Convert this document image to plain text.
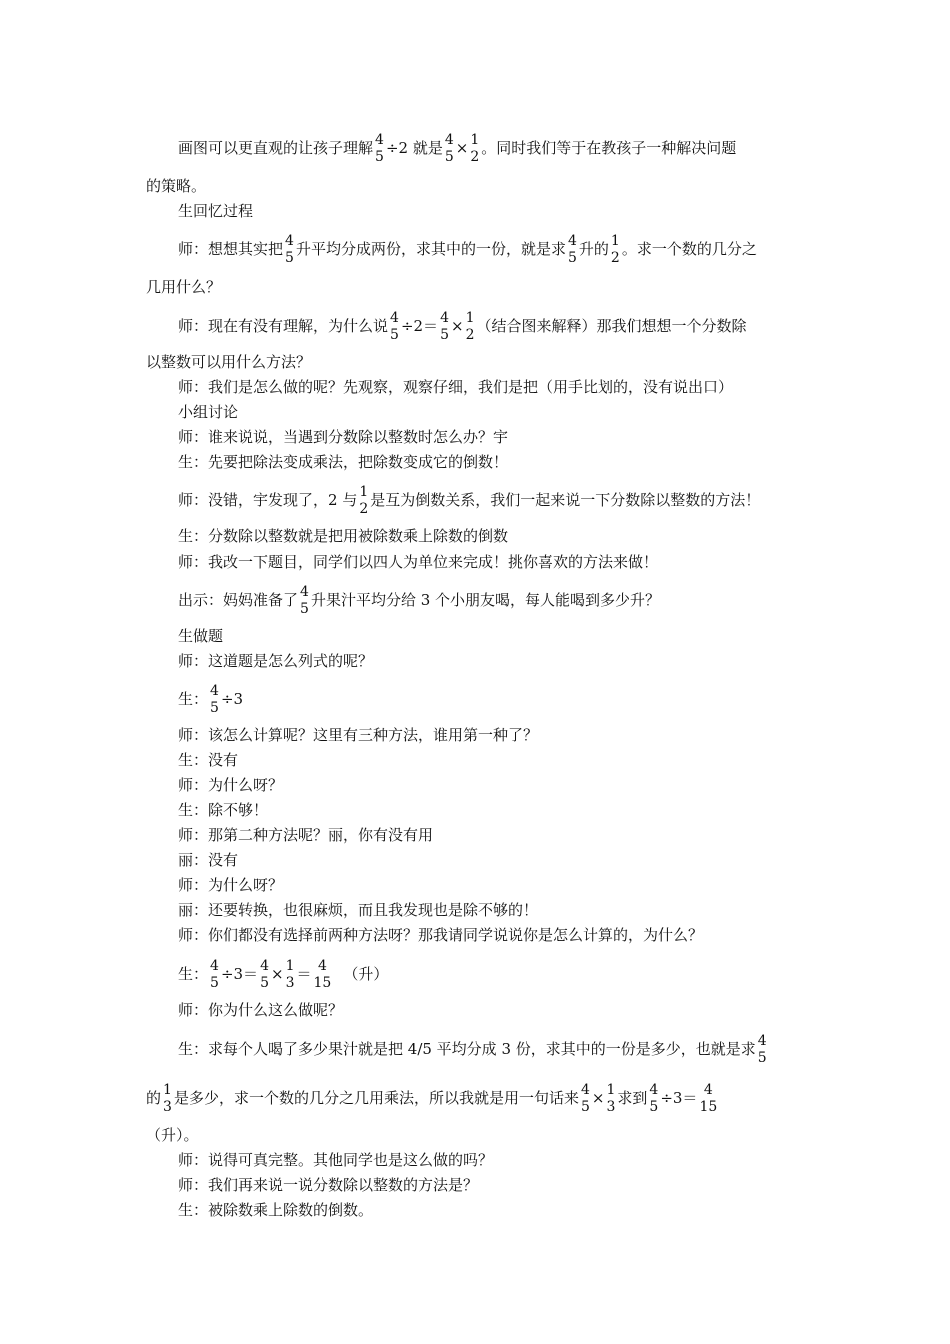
画图可以更直观的让孩子理解 4
5 ÷2 就是 4
5 × 1
2 。同时我们等于在教孩子一种解决问题
的策略。
生回忆过程
师：想想其实把 4
5 升平均分成两份，求其中的一份，就是求 4
5 升的 1
2 。求一个数的几分之
几用什么？
师：现在有没有理解，为什么说 4
5 ÷2＝ 4
5 × 1
2 （结合图来解释）那我们想想一个分数除
以整数可以用什么方法？
师：我们是怎么做的呢？先观察，观察仔细，我们是把（用手比划的，没有说出口）
小组讨论
师：谁来说说，当遇到分数除以整数时怎么办？宇
生：先要把除法变成乘法，把除数变成它的倒数！
师：没错，宇发现了，2 与 1
2 是互为倒数关系，我们一起来说一下分数除以整数的方法！
生：分数除以整数就是把用被除数乘上除数的倒数
师：我改一下题目，同学们以四人为单位来完成！挑你喜欢的方法来做！
出示：妈妈准备了 4
5 升果汁平均分给 3 个小朋友喝，每人能喝到多少升？
生做题
师：这道题是怎么列式的呢？
生： 4
5 ÷3
师：该怎么计算呢？这里有三种方法，谁用第一种了？
生：没有
师：为什么呀？
生：除不够！
师：那第二种方法呢？丽，你有没有用
丽：没有
师：为什么呀？
丽：还要转换，也很麻烦，而且我发现也是除不够的！
师：你们都没有选择前两种方法呀？那我请同学说说你是怎么计算的，为什么？
生： 4
5 ÷3＝ 4
5 × 1
3 ＝ 4
15 （升）
师：你为什么这么做呢？
生：求每个人喝了多少果汁就是把 4/5 平均分成 3 份，求其中的一份是多少，也就是求 4
5
的 1
3 是多少，求一个数的几分之几用乘法，所以我就是用一句话来 4
5 × 1
3 求到 4
5 ÷3＝ 4
15
（升）。
师：说得可真完整。其他同学也是这么做的吗？
师：我们再来说一说分数除以整数的方法是？
生：被除数乘上除数的倒数。
